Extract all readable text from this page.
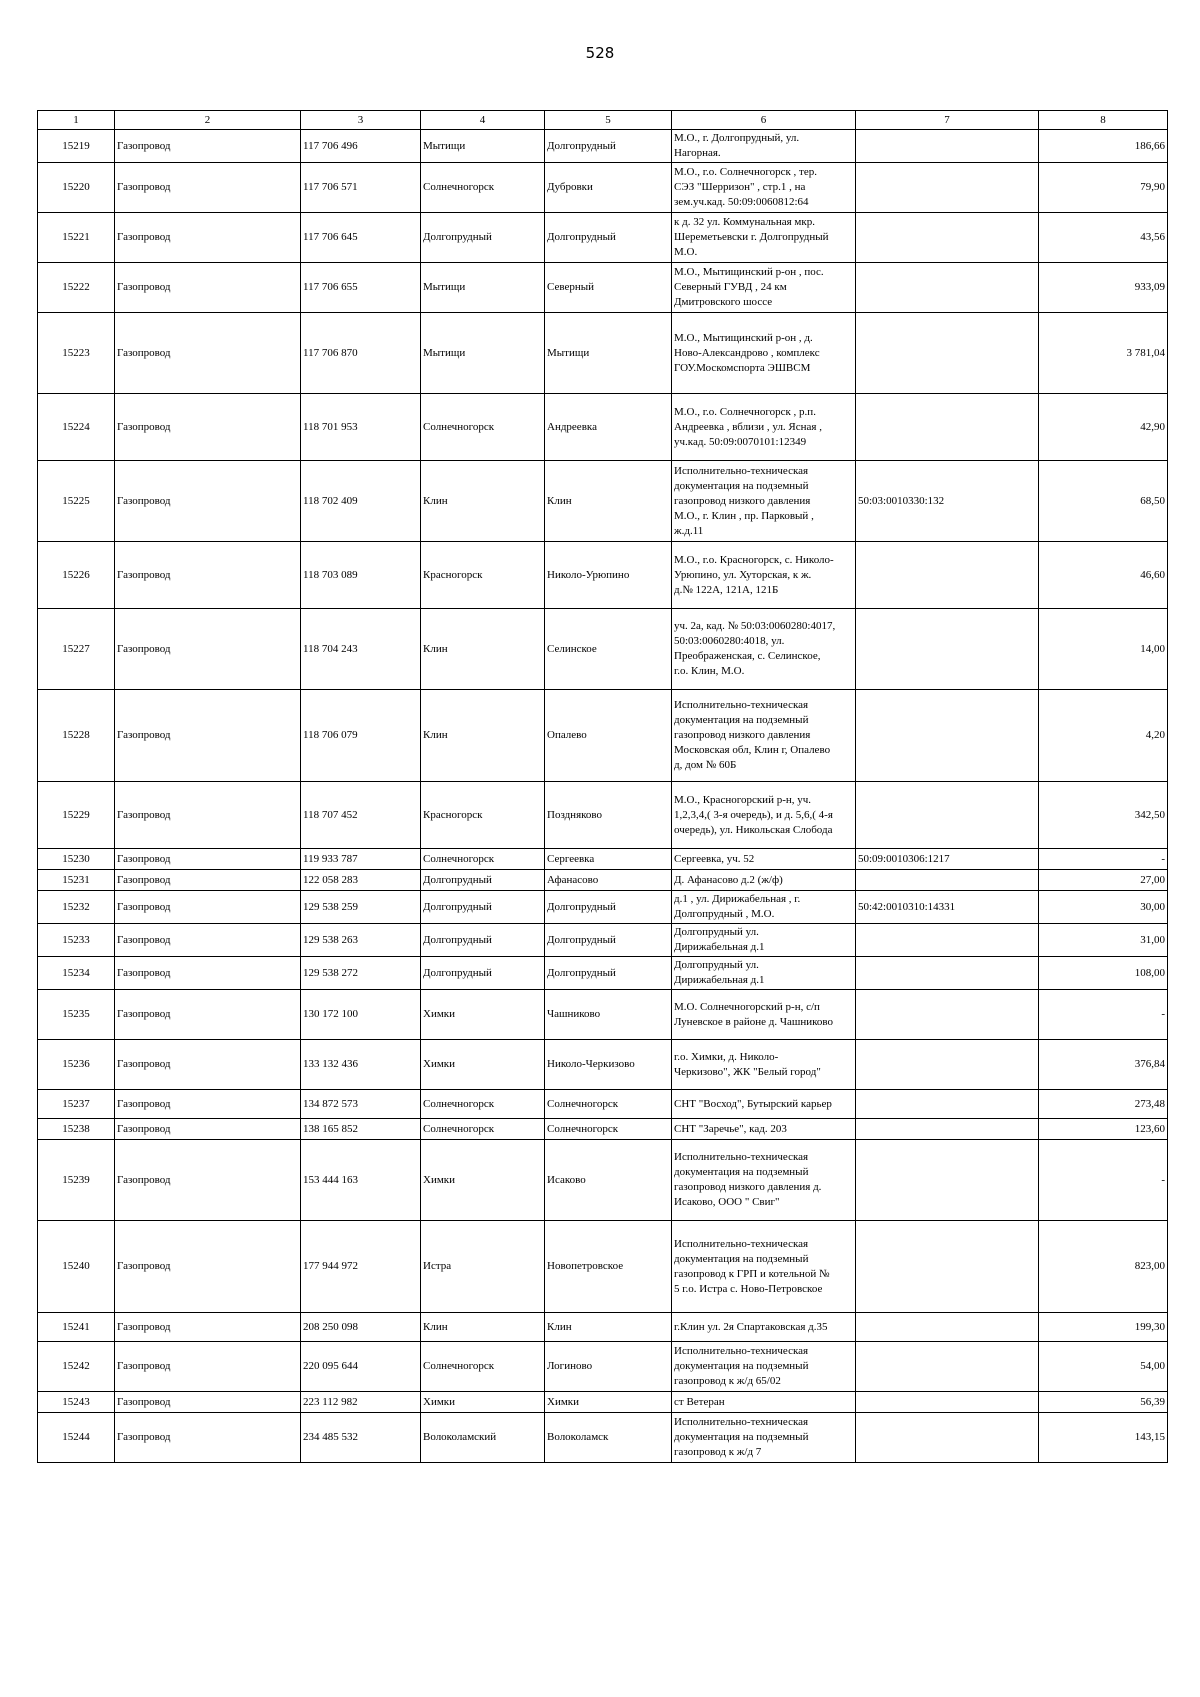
528
1	2	3	4	5	6	7	8
15219	Газопровод	117 706 496	Мытищи	Долгопрудный	М.О., г. Долгопрудный, ул.
Нагорная.		186,66
15220	Газопровод	117 706 571	Солнечногорск	Дубровки	М.О., г.о. Солнечногорск , тер.
СЭЗ "Шерризон" , стр.1 , на
зем.уч.кад. 50:09:0060812:64		79,90
15221	Газопровод	117 706 645	Долгопрудный	Долгопрудный	к д. 32 ул. Коммунальная мкр.
Шереметьевски г. Долгопрудный
М.О.		43,56
15222	Газопровод	117 706 655	Мытищи	Северный	М.О., Мытищинский р-он , пос.
Северный ГУВД , 24 км
Дмитровского шоссе		933,09
15223	Газопровод	117 706 870	Мытищи	Мытищи	М.О., Мытищинский р-он , д.
Ново-Александрово , комплекс
ГОУ.Москомспорта ЭШВСМ		3 781,04
15224	Газопровод	118 701 953	Солнечногорск	Андреевка	М.О., г.о. Солнечногорск , р.п.
Андреевка , вблизи , ул. Ясная ,
уч.кад. 50:09:0070101:12349		42,90
15225	Газопровод	118 702 409	Клин	Клин	Исполнительно-техническая
документация на подземный
газопровод низкого давления
М.О., г. Клин , пр. Парковый ,
ж.д.11	50:03:0010330:132	68,50
15226	Газопровод	118 703 089	Красногорск	Николо-Урюпино	М.О., г.о. Красногорск, с. Николо-
Урюпино, ул. Хуторская, к ж.
д.№ 122А, 121А, 121Б		46,60
15227	Газопровод	118 704 243	Клин	Селинское	уч. 2а, кад. № 50:03:0060280:4017,
50:03:0060280:4018, ул.
Преображенская, с. Селинское,
г.о. Клин, М.О.		14,00
15228	Газопровод	118 706 079	Клин	Опалево	Исполнительно-техническая
документация на подземный
газопровод низкого давления
Московская обл, Клин г, Опалево
д, дом № 60Б		4,20
15229	Газопровод	118 707 452	Красногорск	Поздняково	М.О., Красногорский р-н, уч.
1,2,3,4,( 3-я очередь), и д. 5,6,( 4-я
очередь), ул. Никольская Слобода		342,50
15230	Газопровод	119 933 787	Солнечногорск	Сергеевка	Сергеевка, уч. 52	50:09:0010306:1217	-
15231	Газопровод	122 058 283	Долгопрудный	Афанасово	Д. Афанасово д.2 (ж/ф)		27,00
15232	Газопровод	129 538 259	Долгопрудный	Долгопрудный	д.1 , ул. Дирижабельная , г.
Долгопрудный , М.О.	50:42:0010310:14331	30,00
15233	Газопровод	129 538 263	Долгопрудный	Долгопрудный	Долгопрудный ул.
Дирижабельная д.1		31,00
15234	Газопровод	129 538 272	Долгопрудный	Долгопрудный	Долгопрудный ул.
Дирижабельная д.1		108,00
15235	Газопровод	130 172 100	Химки	Чашниково	М.О. Солнечногорский р-н, с/п
Луневское в районе д. Чашниково		-
15236	Газопровод	133 132 436	Химки	Николо-Черкизово	г.о. Химки, д. Николо-
Черкизово", ЖК "Белый город"		376,84
15237	Газопровод	134 872 573	Солнечногорск	Солнечногорск	СНТ "Восход", Бутырский карьер		273,48
15238	Газопровод	138 165 852	Солнечногорск	Солнечногорск	СНТ "Заречье", кад. 203		123,60
15239	Газопровод	153 444 163	Химки	Исаково	Исполнительно-техническая
документация на подземный
газопровод низкого давления д.
Исаково, ООО " Свиг"		-
15240	Газопровод	177 944 972	Истра	Новопетровское	Исполнительно-техническая
документация на подземный
газопровод к ГРП и котельной №
5 г.о. Истра с. Ново-Петровское		823,00
15241	Газопровод	208 250 098	Клин	Клин	г.Клин ул. 2я Спартаковская д.35		199,30
15242	Газопровод	220 095 644	Солнечногорск	Логиново	Исполнительно-техническая
документация на подземный
газопровод к ж/д 65/02		54,00
15243	Газопровод	223 112 982	Химки	Химки	ст Ветеран		56,39
15244	Газопровод	234 485 532	Волоколамский	Волоколамск	Исполнительно-техническая
документация на подземный
газопровод к ж/д 7		143,15
